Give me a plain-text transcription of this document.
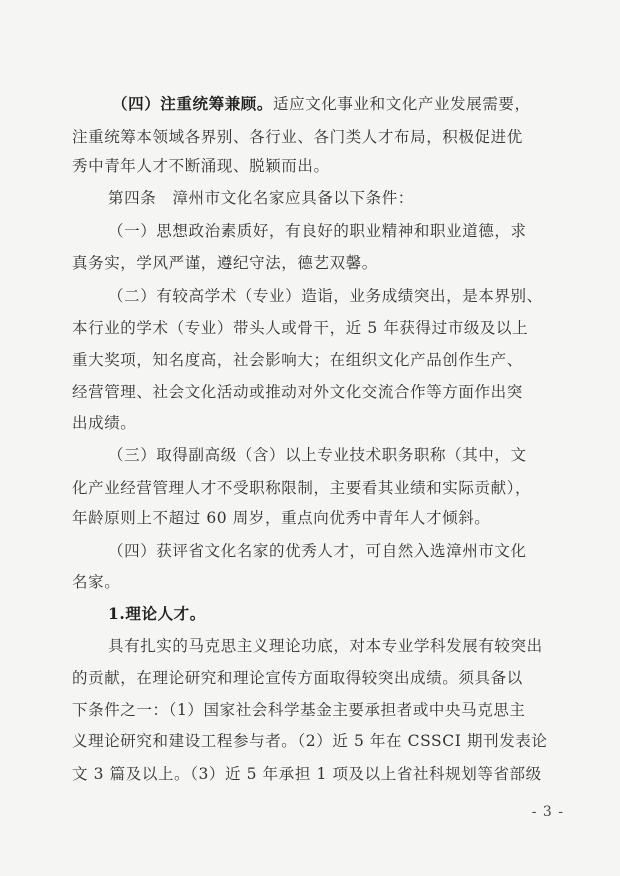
（四）注重统筹兼顾。适应文化事业和文化产业发展需要，
注重统筹本领域各界别、各行业、各门类人才布局，积极促进优
秀中青年人才不断涌现、脱颖而出。
第四条　漳州市文化名家应具备以下条件：
（一）思想政治素质好，有良好的职业精神和职业道德，求
真务实，学风严谨，遵纪守法，德艺双馨。
（二）有较高学术（专业）造诣，业务成绩突出，是本界别、
本行业的学术（专业）带头人或骨干，近 5 年获得过市级及以上
重大奖项，知名度高，社会影响大；在组织文化产品创作生产、
经营管理、社会文化活动或推动对外文化交流合作等方面作出突
出成绩。
（三）取得副高级（含）以上专业技术职务职称（其中，文
化产业经营管理人才不受职称限制，主要看其业绩和实际贡献），
年龄原则上不超过 60 周岁，重点向优秀中青年人才倾斜。
（四）获评省文化名家的优秀人才，可自然入选漳州市文化
名家。
1.理论人才。
具有扎实的马克思主义理论功底，对本专业学科发展有较突出
的贡献，在理论研究和理论宣传方面取得较突出成绩。须具备以
下条件之一：（1）国家社会科学基金主要承担者或中央马克思主
义理论研究和建设工程参与者。（2）近 5 年在 CSSCI 期刊发表论
文 3 篇及以上。（3）近 5 年承担 1 项及以上省社科规划等省部级
- 3 -
